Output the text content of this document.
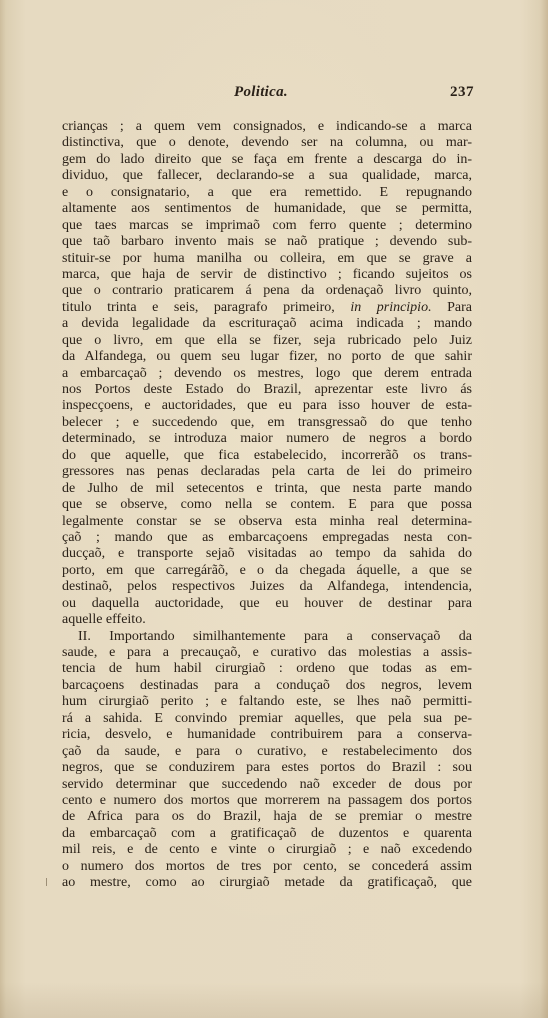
Politica.	237
crianças ; a quem vem consignados, e indicando-se a marca
distinctiva, que o denote, devendo ser na columna, ou mar-
gem do lado direito que se faça em frente a descarga do in-
dividuo, que fallecer, declarando-se a sua qualidade, marca,
e o consignatario, a que era remettido. E repugnando
altamente aos sentimentos de humanidade, que se permitta,
que taes marcas se imprimaõ com ferro quente ; determino
que taõ barbaro invento mais se naõ pratique ; devendo sub-
stituir-se por huma manilha ou colleira, em que se grave a
marca, que haja de servir de distinctivo ; ficando sujeitos os
que o contrario praticarem á pena da ordenaçaõ livro quinto,
titulo trinta e seis, paragrafo primeiro, in principio. Para
a devida legalidade da escrituraçaõ acima indicada ; mando
que o livro, em que ella se fizer, seja rubricado pelo Juiz
da Alfandega, ou quem seu lugar fizer, no porto de que sahir
a embarcaçaõ ; devendo os mestres, logo que derem entrada
nos Portos deste Estado do Brazil, aprezentar este livro ás
inspecçoens, e auctoridades, que eu para isso houver de esta-
belecer ; e succedendo que, em transgressaõ do que tenho
determinado, se introduza maior numero de negros a bordo
do que aquelle, que fica estabelecido, incorrerãõ os trans-
gressores nas penas declaradas pela carta de lei do primeiro
de Julho de mil setecentos e trinta, que nesta parte mando
que se observe, como nella se contem. E para que possa
legalmente constar se se observa esta minha real determina-
çaõ ; mando que as embarcaçoens empregadas nesta con-
ducçaõ, e transporte sejaõ visitadas ao tempo da sahida do
porto, em que carregárãõ, e o da chegada áquelle, a que se
destinaõ, pelos respectivos Juizes da Alfandega, intendencia,
ou daquella auctoridade, que eu houver de destinar para
aquelle effeito.
II. Importando similhantemente para a conservaçaõ da
saude, e para a precauçaõ, e curativo das molestias a assis-
tencia de hum habil cirurgiaõ : ordeno que todas as em-
barcaçoens destinadas para a conduçaõ dos negros, levem
hum cirurgiaõ perito ; e faltando este, se lhes naõ permitti-
rá a sahida. E convindo premiar aquelles, que pela sua pe-
ricia, desvelo, e humanidade contribuirem para a conserva-
çaõ da saude, e para o curativo, e restabelecimento dos
negros, que se conduzirem para estes portos do Brazil : sou
servido determinar que succedendo naõ exceder de dous por
cento e numero dos mortos que morrerem na passagem dos portos
de Africa para os do Brazil, haja de se premiar o mestre
da embarcaçaõ com a gratificaçaõ de duzentos e quarenta
mil reis, e de cento e vinte o cirurgiaõ ; e naõ excedendo
o numero dos mortos de tres por cento, se concederá assim
ao mestre, como ao cirurgiaõ metade da gratificaçaõ, que
